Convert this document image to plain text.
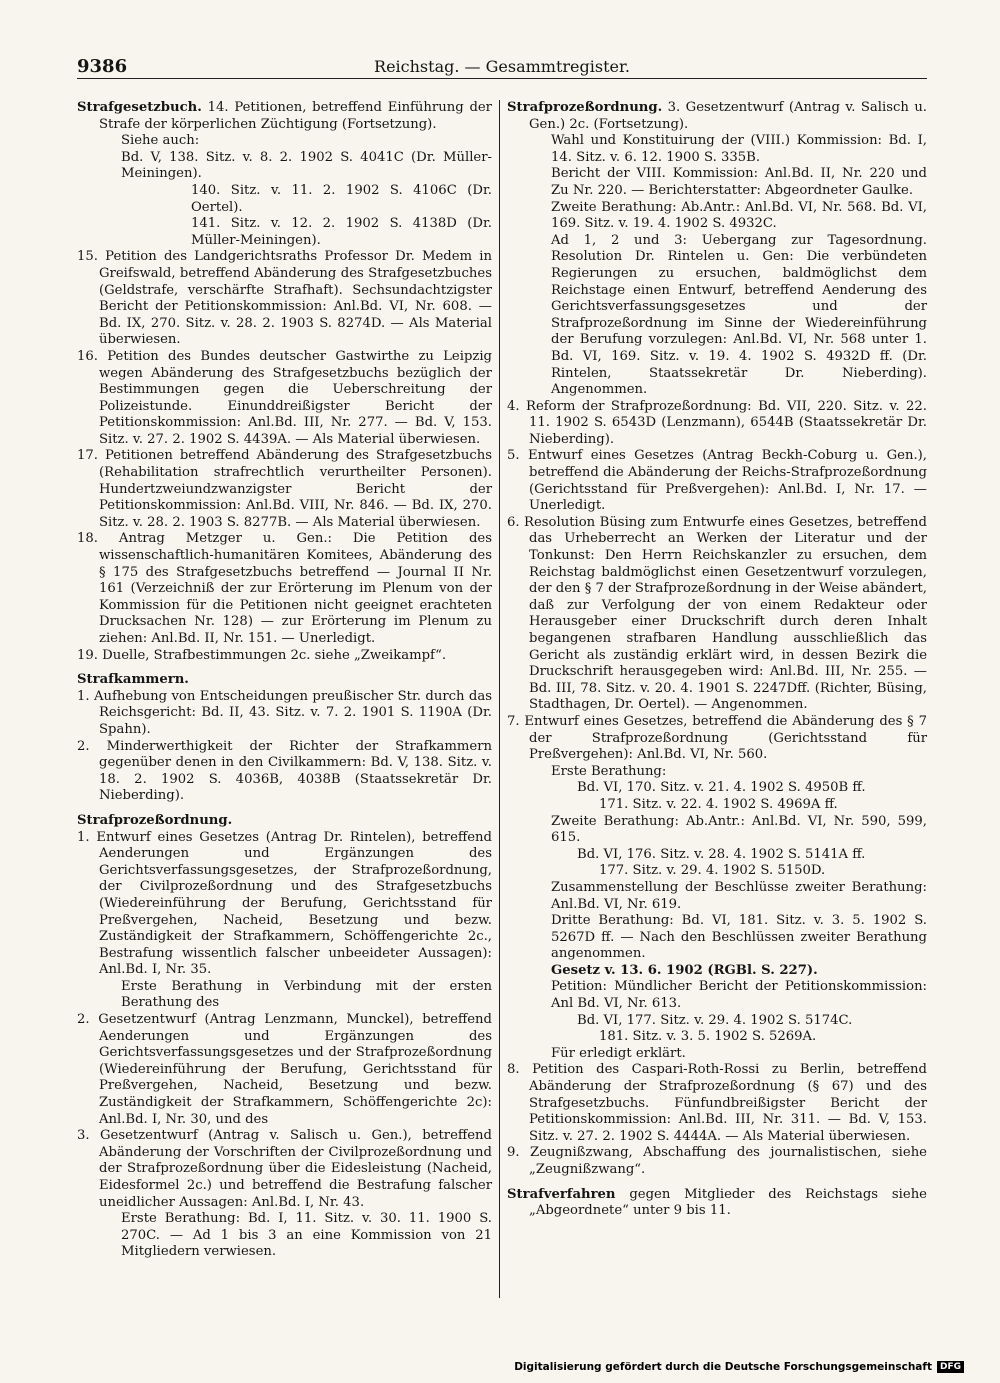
9386	Reichstag. — Gesammtregister.

Strafgesetzbuch. 14. Petitionen, betreffend Einführung der Strafe der körperlichen Züchtigung (Fortsetzung).

Siehe auch:

Bd. V, 138. Sitz. v. 8. 2. 1902 S. 4041C (Dr. Müller-Meiningen).

140. Sitz. v. 11. 2. 1902 S. 4106C (Dr. Oertel).

141. Sitz. v. 12. 2. 1902 S. 4138D (Dr. Müller-Meiningen).

15. Petition des Landgerichtsraths Professor Dr. Medem in Greifswald, betreffend Abänderung des Strafgesetzbuches (Geldstrafe, verschärfte Strafhaft). Sechsundachtzigster Bericht der Petitionskommission: Anl.Bd. VI, Nr. 608. — Bd. IX, 270. Sitz. v. 28. 2. 1903 S. 8274D. — Als Material überwiesen.

16. Petition des Bundes deutscher Gastwirthe zu Leipzig wegen Abänderung des Strafgesetzbuchs bezüglich der Bestimmungen gegen die Ueberschreitung der Polizeistunde. Einunddreißigster Bericht der Petitionskommission: Anl.Bd. III, Nr. 277. — Bd. V, 153. Sitz. v. 27. 2. 1902 S. 4439A. — Als Material überwiesen.

17. Petitionen betreffend Abänderung des Strafgesetzbuchs (Rehabilitation strafrechtlich verurtheilter Personen). Hundertzweiundzwanzigster Bericht der Petitionskommission: Anl.Bd. VIII, Nr. 846. — Bd. IX, 270. Sitz. v. 28. 2. 1903 S. 8277B. — Als Material überwiesen.

18. Antrag Metzger u. Gen.: Die Petition des wissenschaftlich-humanitären Komitees, Abänderung des § 175 des Strafgesetzbuchs betreffend — Journal II Nr. 161 (Verzeichniß der zur Erörterung im Plenum von der Kommission für die Petitionen nicht geeignet erachteten Drucksachen Nr. 128) — zur Erörterung im Plenum zu ziehen: Anl.Bd. II, Nr. 151. — Unerledigt.

19. Duelle, Strafbestimmungen 2c. siehe „Zweikampf“.

Strafkammern.

1. Aufhebung von Entscheidungen preußischer Str. durch das Reichsgericht: Bd. II, 43. Sitz. v. 7. 2. 1901 S. 1190A (Dr. Spahn).

2. Minderwerthigkeit der Richter der Strafkammern gegenüber denen in den Civilkammern: Bd. V, 138. Sitz. v. 18. 2. 1902 S. 4036B, 4038B (Staatssekretär Dr. Nieberding).

Strafprozeßordnung.

1. Entwurf eines Gesetzes (Antrag Dr. Rintelen), betreffend Aenderungen und Ergänzungen des Gerichtsverfassungsgesetzes, der Strafprozeßordnung, der Civilprozeßordnung und des Strafgesetzbuchs (Wiedereinführung der Berufung, Gerichtsstand für Preßvergehen, Nacheid, Besetzung und bezw. Zuständigkeit der Strafkammern, Schöffengerichte 2c., Bestrafung wissentlich falscher unbeeideter Aussagen): Anl.Bd. I, Nr. 35.

Erste Berathung in Verbindung mit der ersten Berathung des

2. Gesetzentwurf (Antrag Lenzmann, Munckel), betreffend Aenderungen und Ergänzungen des Gerichtsverfassungsgesetzes und der Strafprozeßordnung (Wiedereinführung der Berufung, Gerichtsstand für Preßvergehen, Nacheid, Besetzung und bezw. Zuständigkeit der Strafkammern, Schöffengerichte 2c): Anl.Bd. I, Nr. 30, und des

3. Gesetzentwurf (Antrag v. Salisch u. Gen.), betreffend Abänderung der Vorschriften der Civilprozeßordnung und der Strafprozeßordnung über die Eidesleistung (Nacheid, Eidesformel 2c.) und betreffend die Bestrafung falscher uneidlicher Aussagen: Anl.Bd. I, Nr. 43.

Erste Berathung: Bd. I, 11. Sitz. v. 30. 11. 1900 S. 270C. — Ad 1 bis 3 an eine Kommission von 21 Mitgliedern verwiesen.

Strafprozeßordnung. 3. Gesetzentwurf (Antrag v. Salisch u. Gen.) 2c. (Fortsetzung).

Wahl und Konstituirung der (VIII.) Kommission: Bd. I, 14. Sitz. v. 6. 12. 1900 S. 335B.

Bericht der VIII. Kommission: Anl.Bd. II, Nr. 220 und Zu Nr. 220. — Berichterstatter: Abgeordneter Gaulke.

Zweite Berathung: Ab.Antr.: Anl.Bd. VI, Nr. 568. Bd. VI, 169. Sitz. v. 19. 4. 1902 S. 4932C.

Ad 1, 2 und 3: Uebergang zur Tagesordnung. Resolution Dr. Rintelen u. Gen: Die verbündeten Regierungen zu ersuchen, baldmöglichst dem Reichstage einen Entwurf, betreffend Aenderung des Gerichtsverfassungsgesetzes und der Strafprozeßordnung im Sinne der Wiedereinführung der Berufung vorzulegen: Anl.Bd. VI, Nr. 568 unter 1. Bd. VI, 169. Sitz. v. 19. 4. 1902 S. 4932D ff. (Dr. Rintelen, Staatssekretär Dr. Nieberding). Angenommen.

4. Reform der Strafprozeßordnung: Bd. VII, 220. Sitz. v. 22. 11. 1902 S. 6543D (Lenzmann), 6544B (Staatssekretär Dr. Nieberding).

5. Entwurf eines Gesetzes (Antrag Beckh-Coburg u. Gen.), betreffend die Abänderung der Reichs-Strafprozeßordnung (Gerichtsstand für Preßvergehen): Anl.Bd. I, Nr. 17. — Unerledigt.

6. Resolution Büsing zum Entwurfe eines Gesetzes, betreffend das Urheberrecht an Werken der Literatur und der Tonkunst: Den Herrn Reichskanzler zu ersuchen, dem Reichstag baldmöglichst einen Gesetzentwurf vorzulegen, der den § 7 der Strafprozeßordnung in der Weise abändert, daß zur Verfolgung der von einem Redakteur oder Herausgeber einer Druckschrift durch deren Inhalt begangenen strafbaren Handlung ausschließlich das Gericht als zuständig erklärt wird, in dessen Bezirk die Druckschrift herausgegeben wird: Anl.Bd. III, Nr. 255. — Bd. III, 78. Sitz. v. 20. 4. 1901 S. 2247Dff. (Richter, Büsing, Stadthagen, Dr. Oertel). — Angenommen.

7. Entwurf eines Gesetzes, betreffend die Abänderung des § 7 der Strafprozeßordnung (Gerichtsstand für Preßvergehen): Anl.Bd. VI, Nr. 560.

Erste Berathung:

Bd. VI, 170. Sitz. v. 21. 4. 1902 S. 4950B ff.

171. Sitz. v. 22. 4. 1902 S. 4969A ff.

Zweite Berathung: Ab.Antr.: Anl.Bd. VI, Nr. 590, 599, 615.

Bd. VI, 176. Sitz. v. 28. 4. 1902 S. 5141A ff.

177. Sitz. v. 29. 4. 1902 S. 5150D.

Zusammenstellung der Beschlüsse zweiter Berathung: Anl.Bd. VI, Nr. 619.

Dritte Berathung: Bd. VI, 181. Sitz. v. 3. 5. 1902 S. 5267D ff. — Nach den Beschlüssen zweiter Berathung angenommen.

Gesetz v. 13. 6. 1902 (RGBl. S. 227).

Petition: Mündlicher Bericht der Petitionskommission: Anl Bd. VI, Nr. 613.

Bd. VI, 177. Sitz. v. 29. 4. 1902 S. 5174C.

181. Sitz. v. 3. 5. 1902 S. 5269A.

Für erledigt erklärt.

8. Petition des Caspari-Roth-Rossi zu Berlin, betreffend Abänderung der Strafprozeßordnung (§ 67) und des Strafgesetzbuchs. Fünfundbreißigster Bericht der Petitionskommission: Anl.Bd. III, Nr. 311. — Bd. V, 153. Sitz. v. 27. 2. 1902 S. 4444A. — Als Material überwiesen.

9. Zeugnißzwang, Abschaffung des journalistischen, siehe „Zeugnißzwang“.

Strafverfahren gegen Mitglieder des Reichstags siehe „Abgeordnete“ unter 9 bis 11.

Digitalisierung gefördert durch die Deutsche Forschungsgemeinschaft DFG
